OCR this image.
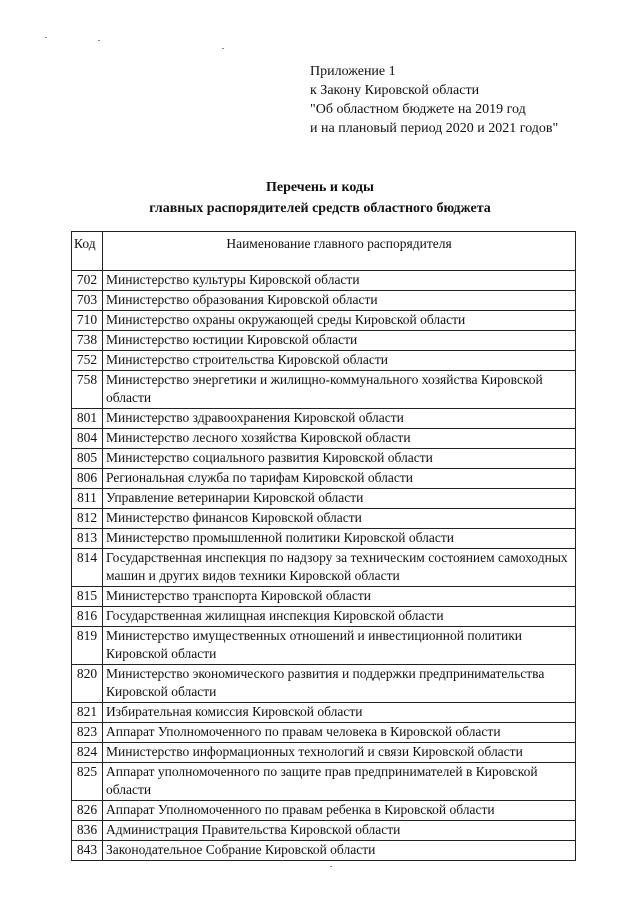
Приложение 1
к Закону Кировской области
"Об областном бюджете на 2019 год
и на плановый период 2020 и 2021 годов"
Перечень и коды
главных распорядителей средств областного бюджета
Код	Наименование главного распорядителя
702	Министерство культуры Кировской области
703	Министерство образования Кировской области
710	Министерство охраны окружающей среды Кировской области
738	Министерство юстиции Кировской области
752	Министерство строительства Кировской области
758	Министерство энергетики и жилищно-коммунального хозяйства Кировской области
801	Министерство здравоохранения Кировской области
804	Министерство лесного хозяйства Кировской области
805	Министерство социального развития Кировской области
806	Региональная служба по тарифам Кировской области
811	Управление ветеринарии Кировской области
812	Министерство финансов Кировской области
813	Министерство промышленной политики Кировской области
814	Государственная инспекция по надзору за техническим состоянием самоходных машин и других видов техники Кировской области
815	Министерство транспорта Кировской области
816	Государственная жилищная инспекция Кировской области
819	Министерство имущественных отношений и инвестиционной политики Кировской области
820	Министерство экономического развития и поддержки предпринимательства Кировской области
821	Избирательная комиссия Кировской области
823	Аппарат Уполномоченного по правам человека в Кировской области
824	Министерство информационных технологий и связи Кировской области
825	Аппарат уполномоченного по защите прав предпринимателей в Кировской области
826	Аппарат Уполномоченного по правам ребенка в Кировской области
836	Администрация Правительства Кировской области
843	Законодательное Собрание Кировской области
